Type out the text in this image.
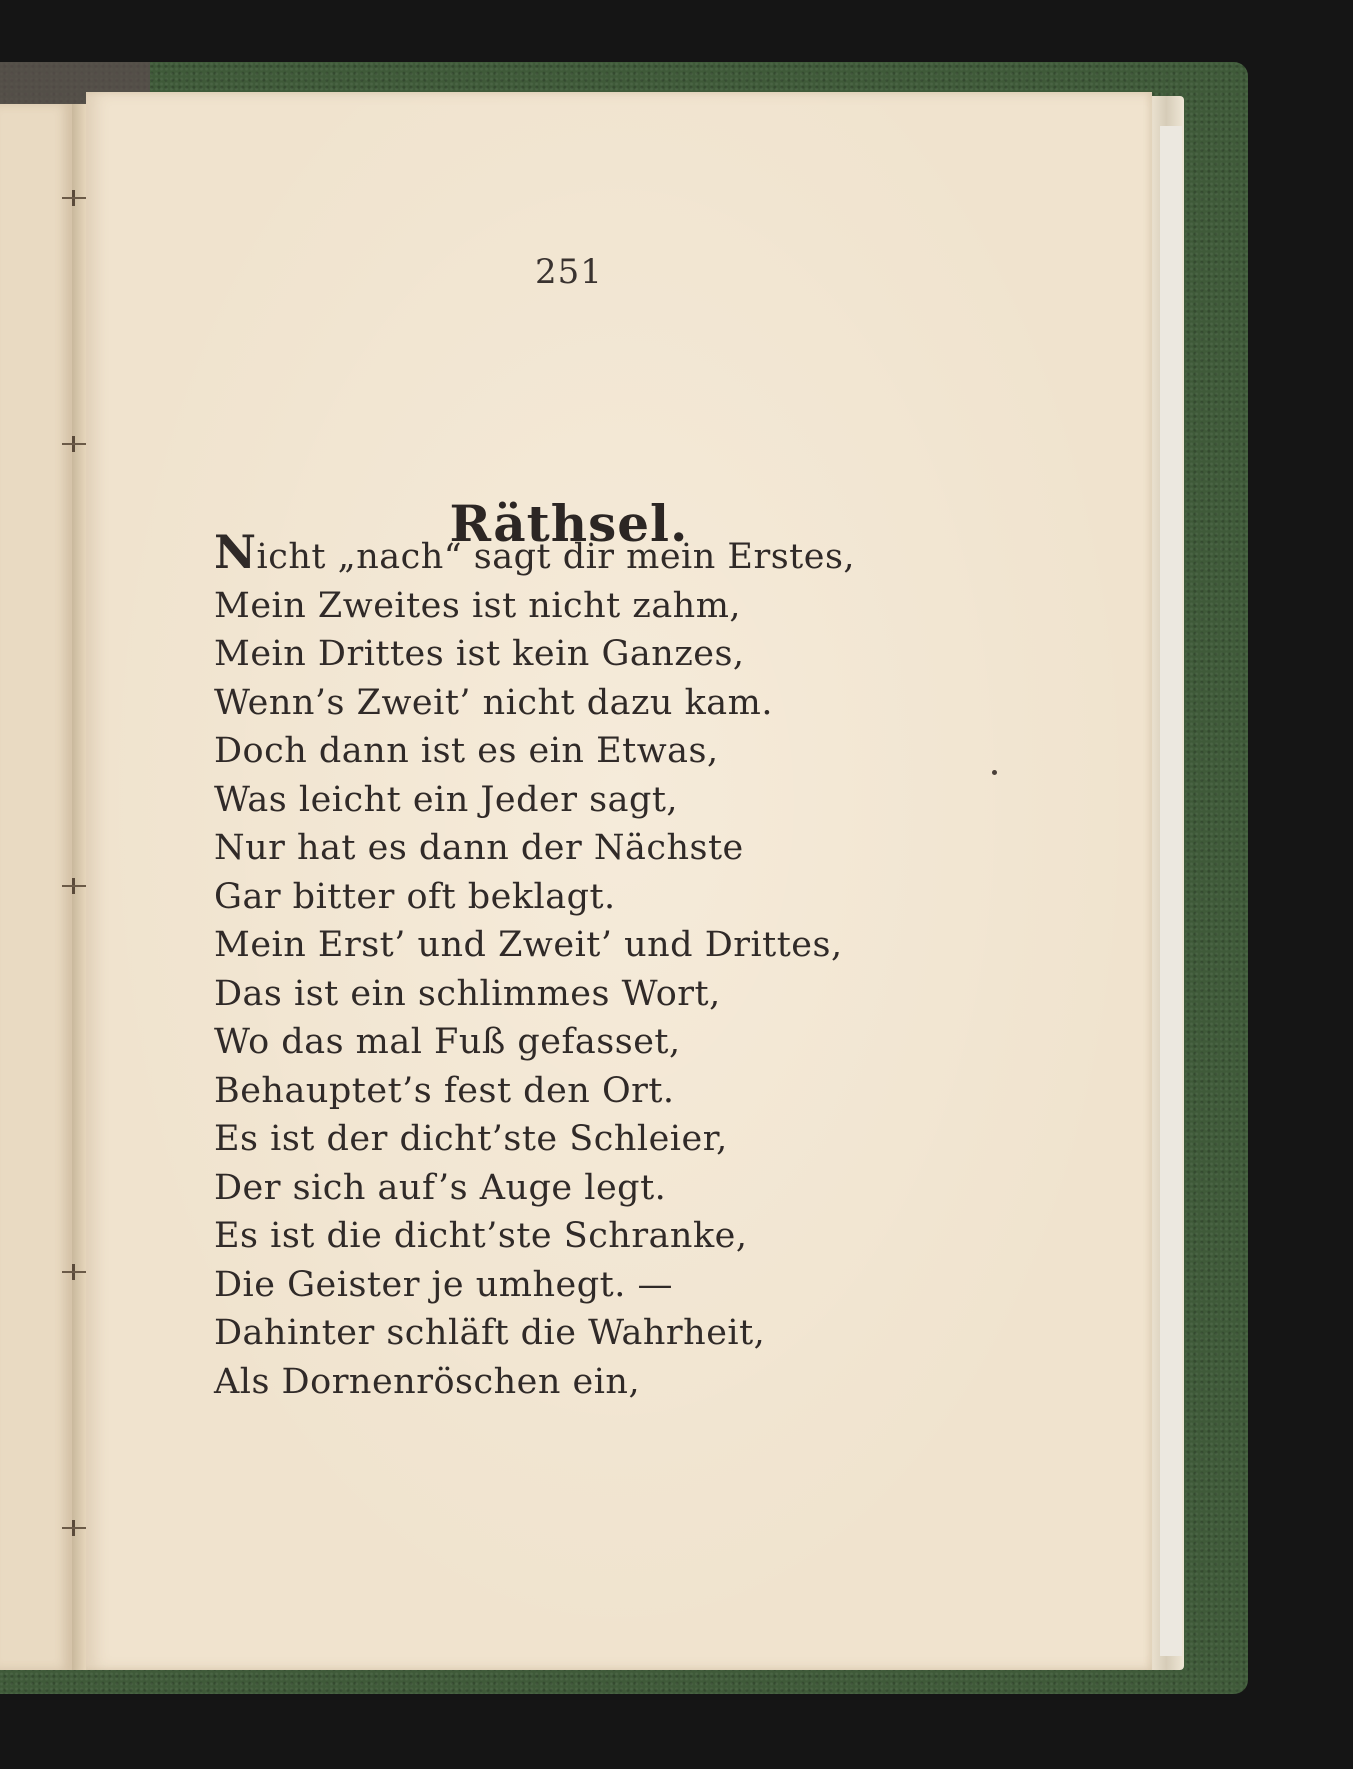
251
Räthsel.
Nicht „nach“ sagt dir mein Erstes,
Mein Zweites ist nicht zahm,
Mein Drittes ist kein Ganzes,
Wenn’s Zweit’ nicht dazu kam.
Doch dann ist es ein Etwas,
Was leicht ein Jeder sagt,
Nur hat es dann der Nächste
Gar bitter oft beklagt.
Mein Erst’ und Zweit’ und Drittes,
Das ist ein schlimmes Wort,
Wo das mal Fuß gefasset,
Behauptet’s fest den Ort.
Es ist der dicht’ste Schleier,
Der sich auf’s Auge legt.
Es ist die dicht’ste Schranke,
Die Geister je umhegt. —
Dahinter schläft die Wahrheit,
Als Dornenröschen ein,
